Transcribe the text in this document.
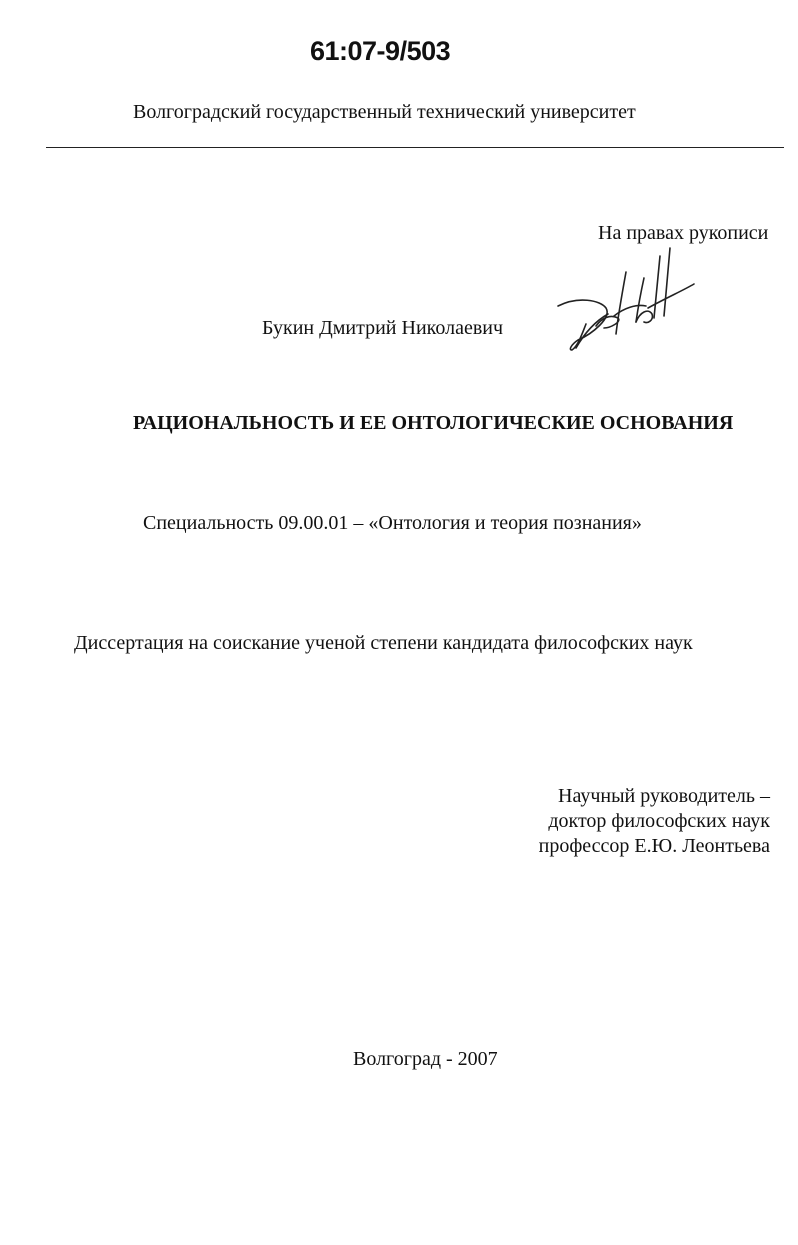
61:07-9/503
Волгоградский государственный технический университет
На правах рукописи
Букин Дмитрий Николаевич
РАЦИОНАЛЬНОСТЬ И ЕЕ ОНТОЛОГИЧЕСКИЕ ОСНОВАНИЯ
Специальность 09.00.01 – «Онтология и теория познания»
Диссертация на соискание ученой степени кандидата философских наук
Научный руководитель –
доктор философских наук
профессор Е.Ю. Леонтьева
Волгоград - 2007
